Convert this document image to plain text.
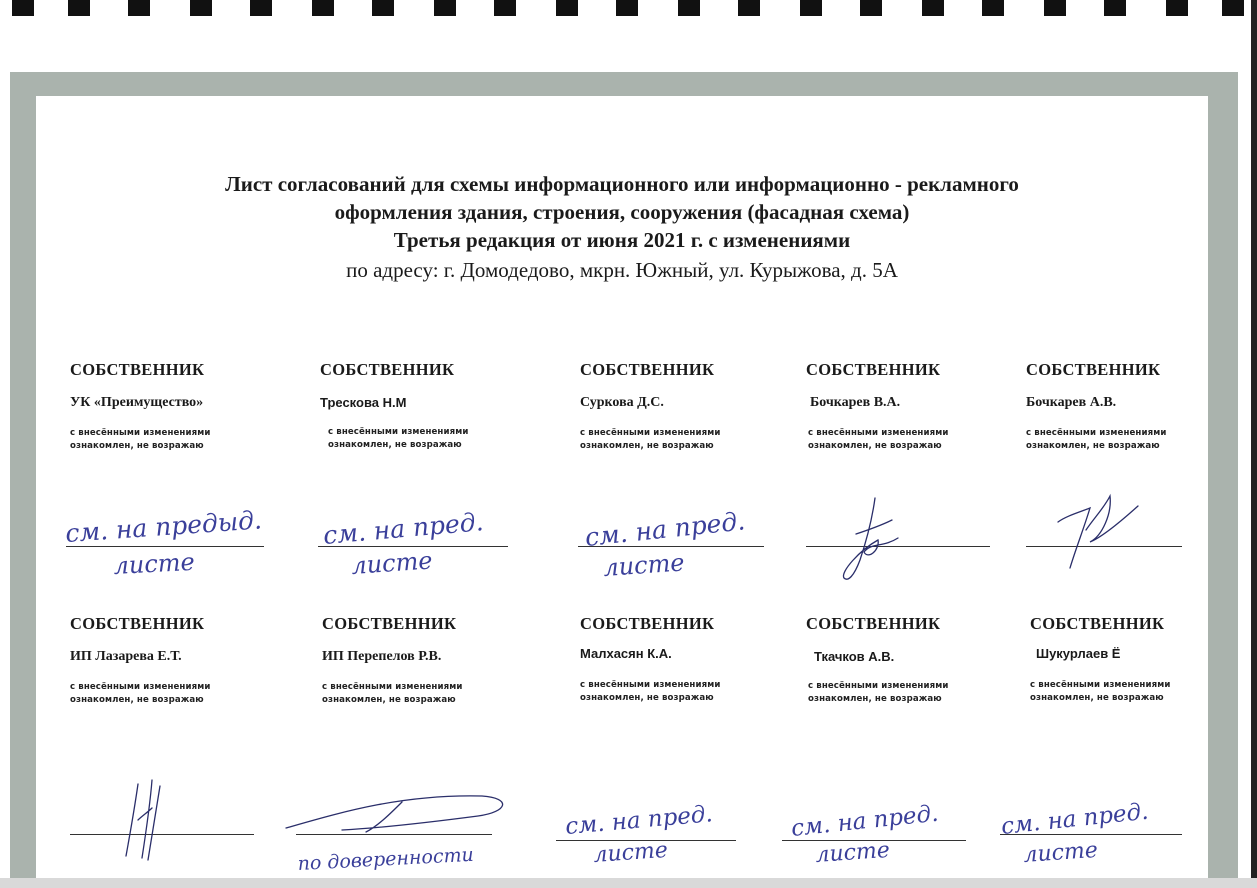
Лист согласований для схемы информационного или информационно - рекламного
оформления здания, строения, сооружения (фасадная схема)
Третья редакция от июня 2021 г. с изменениями
по адресу: г. Домодедово, мкрн. Южный, ул. Курыжова, д. 5А
СОБСТВЕННИК
УК «Преимущество»
с внесёнными изменениями
ознакомлен, не возражаю
СОБСТВЕННИК
Трескова Н.М
с внесёнными изменениями
ознакомлен, не возражаю
СОБСТВЕННИК
Суркова Д.С.
с внесёнными изменениями
ознакомлен, не возражаю
СОБСТВЕННИК
Бочкарев В.А.
с внесёнными изменениями
ознакомлен, не возражаю
СОБСТВЕННИК
Бочкарев А.В.
с внесёнными изменениями
ознакомлен, не возражаю
СОБСТВЕННИК
ИП Лазарева Е.Т.
с внесёнными изменениями
ознакомлен, не возражаю
СОБСТВЕННИК
ИП Перепелов Р.В.
с внесёнными изменениями
ознакомлен, не возражаю
СОБСТВЕННИК
Малхасян К.А.
с внесёнными изменениями
ознакомлен, не возражаю
СОБСТВЕННИК
Ткачков А.В.
с внесёнными изменениями
ознакомлен, не возражаю
СОБСТВЕННИК
Шукурлаев Ё
с внесёнными изменениями
ознакомлен, не возражаю
см. на предыд.
листе
см. на пред.
листе
см. на пред.
листе
по доверенности
см. на пред.
листе
см. на пред.
листе
см. на пред.
листе
